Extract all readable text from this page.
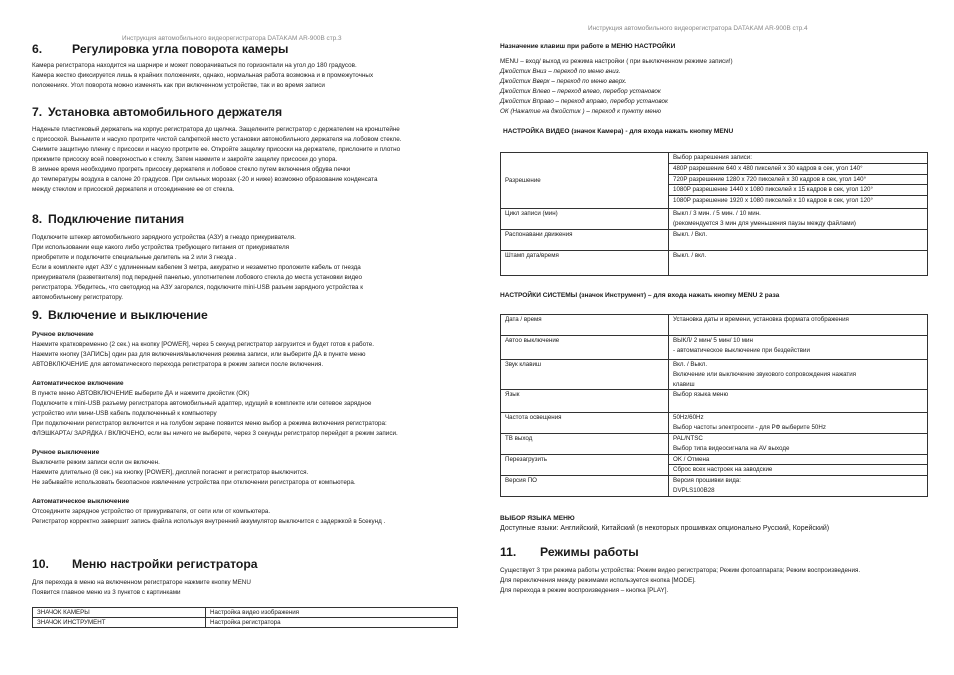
Инструкция автомобильного видеорегистратора DATAKAM AR-900B стр.3
6.	Регулировка угла поворота камеры
Камера регистратора находится на шарнире и может поворачиваться по горизонтали на угол до 180 градусов.
Камера жестко фиксируется лишь в крайних положениях, однако, нормальная работа возможна и в промежуточных
положениях. Угол поворота можно изменять как при включенном устройстве, так и во время записи
7. Установка автомобильного держателя
Наденьте пластиковый держатель на корпус регистратора до щелчка. Защелкните регистратор с держателем на кронштейне
с присоской. Выньмите и насухо протрите чистой салфеткой место установки автомобильного держателя на лобовом стекле.
Снимите защитную пленку с присоски и насухо протрите ее. Откройте защелку присоски на держателе, прислоните и плотно
прижмите присоску всей поверхностью к стеклу, Затем нажмите и закройте защелку присоски до упора.
В зимнее время необходимо прогреть присоску держателя и лобовое стекло путем включения обдува печки
до температуры воздуха в салоне 20 градусов. При сильных морозах (-20 и ниже) возможно образование конденсата
между стеклом и присоской держателя и отсоединение ее от стекла.
8. Подключение питания
Подключите штекер автомобильного зарядного устройства (АЗУ) в гнездо прикуривателя.
При использовании еще какого либо устройства требующего питания от прикуривателя
приобретите и подключите специальные делитель на 2 или 3 гнезда .
Если в комплекте идет АЗУ с удлиненным кабелем 3 метра, аккуратно и незаметно проложите кабель от гнезда
прикуривателя (разветвителя) под передней панелью, уплотнителем лобового стекла до места установки видео
регистратора. Убедитесь, что светодиод на АЗУ загорелся, подключите mini-USB разъем зарядного устройства к
автомобильному регистратору.
9. Включение и выключение
Ручное включение
Нажмите кратковременно (2 сек.) на кнопку [POWER], через 5 секунд регистратор загрузится и будет готов к работе.
Нажмите кнопку [ЗАПИСЬ] один раз для включения/выключения режима записи, или выберите ДА в пункте меню
АВТОВКЛЮЧЕНИЕ для автоматического перехода регистратора в режим записи после включения.
Автоматическое включение
В пункте меню АВТОВКЛЮЧЕНИЕ выберите ДА и нажмите джойстик (OK)
Подключите к mini-USB разъему регистратора автомобильный адаптер, идущий в комплекте или сетевое зарядное
устройство или мини-USB кабель подключенный к компьютеру
При подключении регистратор включится и на голубом экране появится меню выбор а режима включения регистратора:
ФЛЭШКАРТА/ ЗАРЯДКА / ВКЛЮЧЕНО, если вы ничего не выберете, через 3 секунды регистратор перейдет в режим записи.
Ручное выключение
Выключите режим записи если он включен.
Нажмите длительно (8 сек.) на кнопку [POWER], дисплей погаснет и регистратор выключится.
Не забывайте использовать безопасное извлечение устройства при отключении регистратора от компьютера.
Автоматическое выключение
Отсоедините зарядное устройство от прикуривателя, от сети или от компьютера.
Регистратор корректно завершит запись файла используя внутренний аккумулятор выключится с задержкой в 5секунд .
10.	Меню настройки регистратора
Для перехода в меню на включенном регистраторе нажмите кнопку MENU
Появится главное меню из 3 пунктов с картинками
ЗНАЧОК КАМЕРЫ	Настройка видео изображения
ЗНАЧОК ИНСТРУМЕНТ	Настройка регистратора
Инструкция автомобильного видеорегистратора DATAKAM AR-900B стр.4
Назначение клавиш при работе в МЕНЮ НАСТРОЙКИ
MENU – вход/ выход из режима настройки ( при выключенном режиме записи!)
Джойстик Вниз – переход по меню вниз.
Джойстик Вверх – переход по меню вверх.
Джойстик Влево – переход влево, перебор установок
Джойстик Вправо – переход вправо, перебор установок
ОК (Нажатие на джойстик ) – переход к пункту меню
НАСТРОЙКА ВИДЕО (значок Камера) - для входа нажать кнопку MENU
Разрешение	Выбор разрешения записи:
480P разрешение 640 х 480 пикселей х 30 кадров в сек, угол 140°
720P разрешение 1280 х 720 пикселей х 30 кадров в сек, угол 140°
1080P разрешение 1440 х 1080 пикселей х 15 кадров в сек, угол 120°
1080P разрешение 1920 х 1080 пикселей х 10 кадров в сек, угол 120°

Цикл записи (мин)	Выкл / 3 мин. / 5 мин. / 10 мин.
(рекомендуется 3 мин для уменьшения паузы между файлами)

Распонавани движения	Выкл. / Вкл.
Штамп дата/время	Выкл. / вкл.
НАСТРОЙКИ СИСТЕМЫ (значок Инструмент) – для входа нажать кнопку MENU 2 раза
Дата / время	Установка даты и времени, установка формата отображения
Автоо выключение	ВЫКЛ/ 2 мин/ 5 мин/ 10 мин
- автоматическое выключение при бездействии

Звук клавиш	Вкл. / Выкл.
Включение или выключение звукового сопровождения нажатия
клавиш

Язык	Выбор языка меню
Частота освещения	50Hz/60Hz
Выбор частоты электросети - для РФ выберите 50Hz

ТВ выход	PAL/NTSC
Выбор типа видеосигнала на AV выходе

Перезагрузить	OK / Отмена
Сброс всех настроек на заводские

Версия ПО	Версия прошивки вида:
DVPLS100B28
ВЫБОР ЯЗЫКА МЕНЮ
Доступные языки: Английский, Китайский (в некоторых прошивках опционально Русский, Корейский)
11.	Режимы работы
Существует 3 три режима работы устройства: Режим видео регистратора; Режим фотоаппарата; Режим воспроизведения.
Для переключения между режимами используется кнопка [MODE].
Для перехода в режим воспроизведения – кнопка [PLAY].
